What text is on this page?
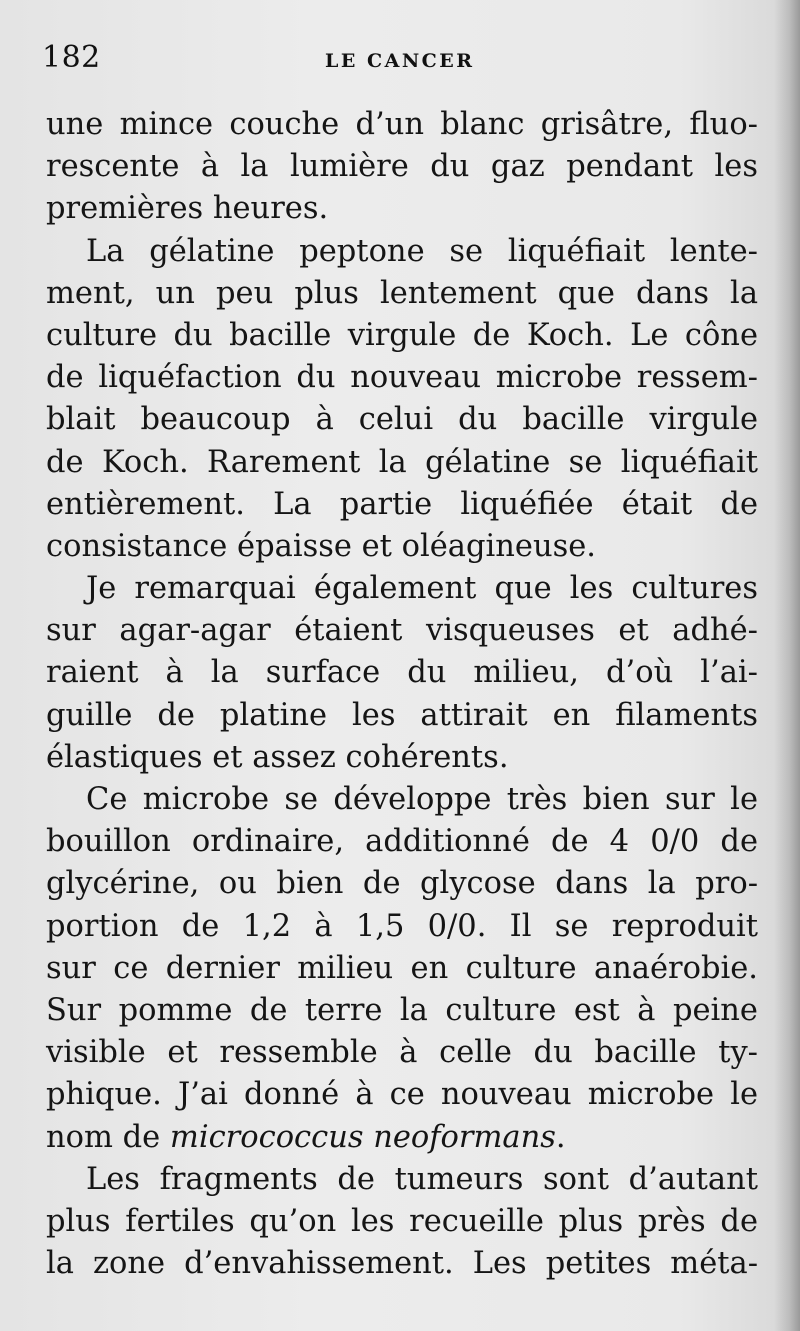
182	LE CANCER
une mince couche d’un blanc grisâtre, fluo-
rescente à la lumière du gaz pendant les
premières heures.
La gélatine peptone se liquéfiait lente-
ment, un peu plus lentement que dans la
culture du bacille virgule de Koch. Le cône
de liquéfaction du nouveau microbe ressem-
blait beaucoup à celui du bacille virgule
de Koch. Rarement la gélatine se liquéfiait
entièrement. La partie liquéfiée était de
consistance épaisse et oléagineuse.
Je remarquai également que les cultures
sur agar-agar étaient visqueuses et adhé-
raient à la surface du milieu, d’où l’ai-
guille de platine les attirait en filaments
élastiques et assez cohérents.
Ce microbe se développe très bien sur le
bouillon ordinaire, additionné de 4 0/0 de
glycérine, ou bien de glycose dans la pro-
portion de 1,2 à 1,5 0/0. Il se reproduit
sur ce dernier milieu en culture anaérobie.
Sur pomme de terre la culture est à peine
visible et ressemble à celle du bacille ty-
phique. J’ai donné à ce nouveau microbe le
nom de micrococcus neoformans.
Les fragments de tumeurs sont d’autant
plus fertiles qu’on les recueille plus près de
la zone d’envahissement. Les petites méta-
